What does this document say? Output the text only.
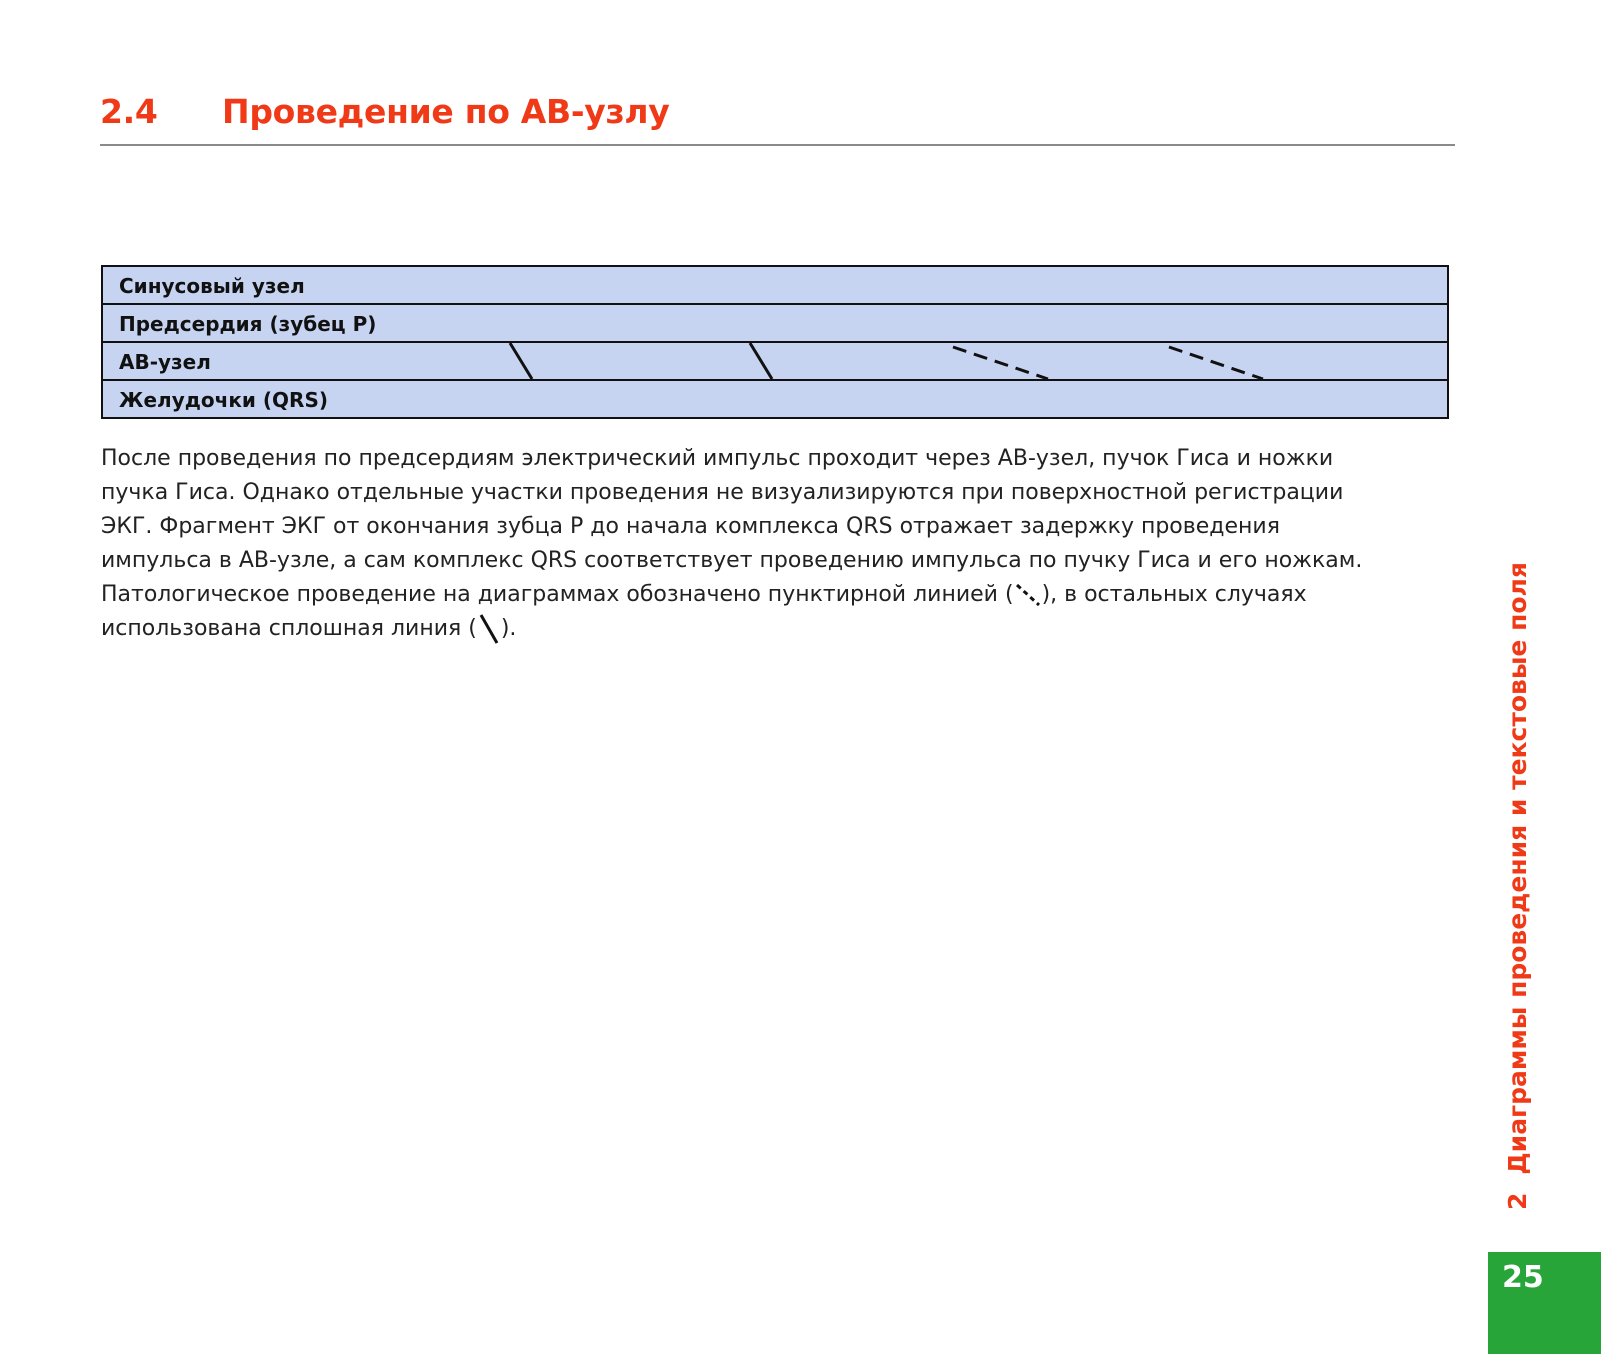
2.4 Проведение по АВ-узлу
Синусовый узел
Предсердия (зубец P)
АВ-узел
Желудочки (QRS)

После проведения по предсердиям электрический импульс проходит через АВ-узел, пучок Гиса и ножки

пучка Гиса. Однако отдельные участки проведения не визуализируются при поверхностной регистрации

ЭКГ. Фрагмент ЭКГ от окончания зубца P до начала комплекса QRS отражает задержку проведения

импульса в АВ-узле, а сам комплекс QRS соответствует проведению импульса по пучку Гиса и его ножкам.

Патологическое проведение на диаграммах обозначено пунктирной линией ( ), в остальных случаях

использована сплошная линия ( ).

2Диаграммы проведения и текстовые поля
25
